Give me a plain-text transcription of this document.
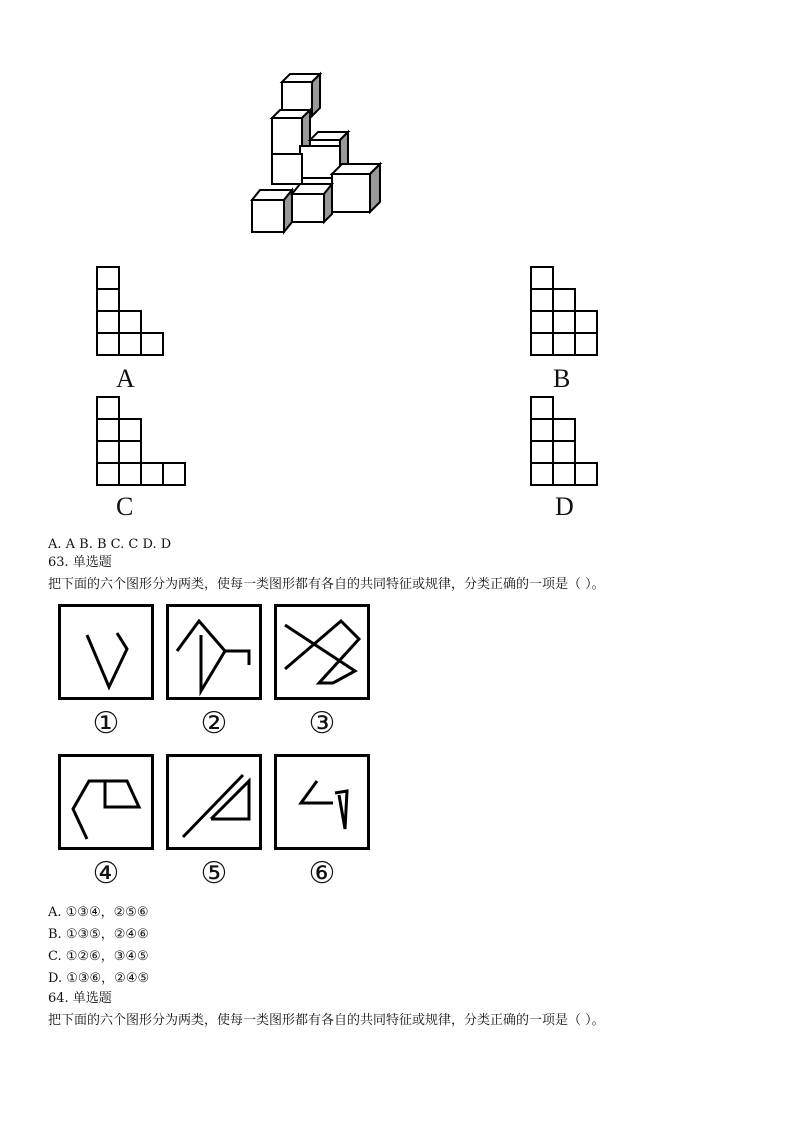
A	B
C	D
A. A B. B C. C D. D
63. 单选题
把下面的六个图形分为两类，使每一类图形都有各自的共同特征或规律，分类正确的一项是（ ）。
①	②	③
④	⑤	⑥
A. ①③④，②⑤⑥
B. ①③⑤，②④⑥
C. ①②⑥，③④⑤
D. ①③⑥，②④⑤
64. 单选题
把下面的六个图形分为两类，使每一类图形都有各自的共同特征或规律，分类正确的一项是（ ）。
